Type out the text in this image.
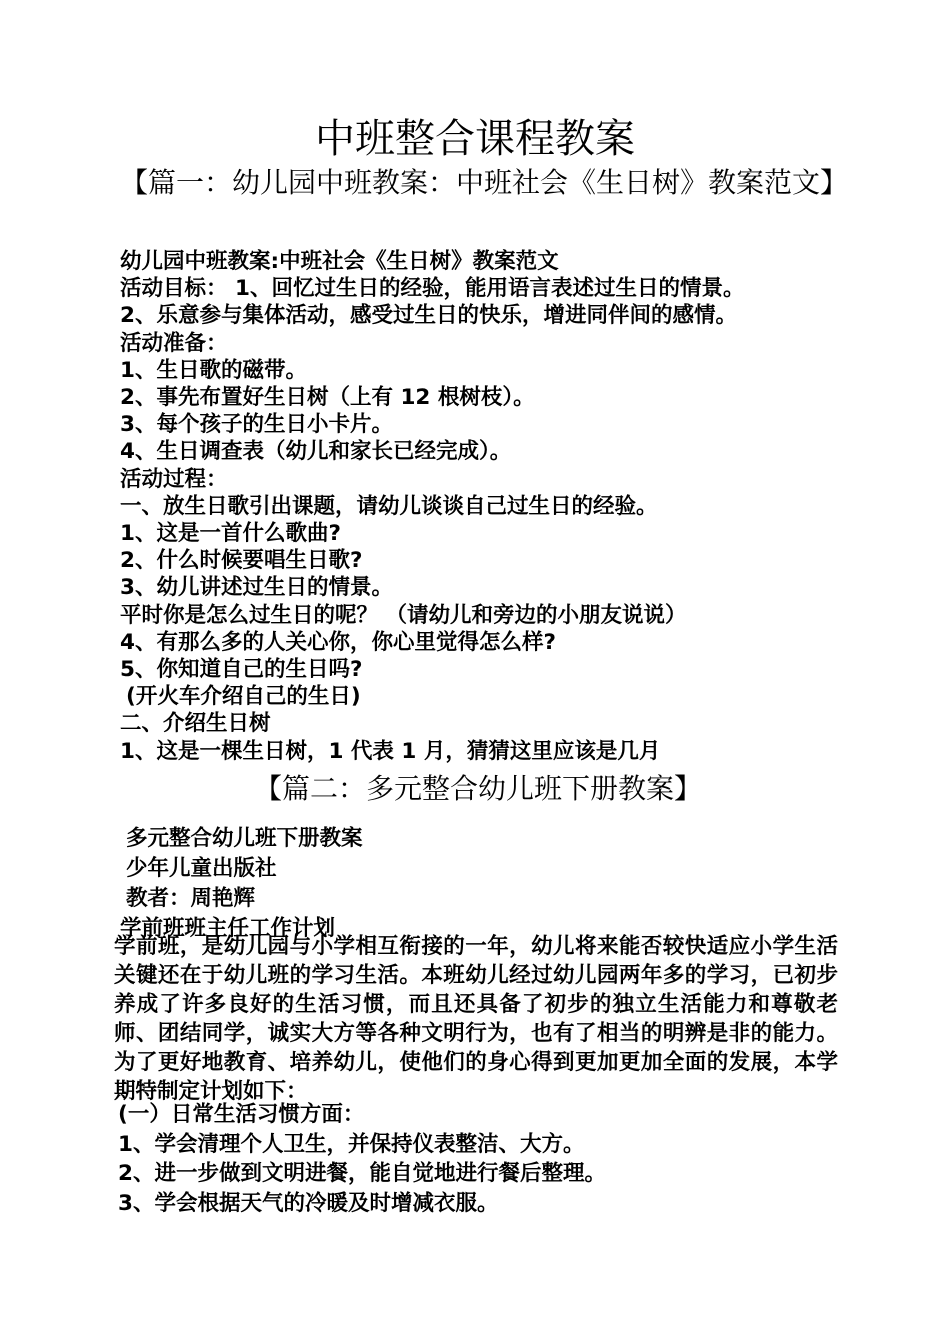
中班整合课程教案
【篇一：幼儿园中班教案：中班社会《生日树》教案范文】
幼儿园中班教案:中班社会《生日树》教案范文
活动目标： 1、回忆过生日的经验，能用语言表述过生日的情景。
2、乐意参与集体活动，感受过生日的快乐，增进同伴间的感情。
活动准备：
1、生日歌的磁带。
2、事先布置好生日树（上有 12 根树枝）。
3、每个孩子的生日小卡片。
4、生日调查表（幼儿和家长已经完成）。
活动过程：
一、放生日歌引出课题，请幼儿谈谈自己过生日的经验。
1、这是一首什么歌曲?
2、什么时候要唱生日歌?
3、幼儿讲述过生日的情景。
平时你是怎么过生日的呢？ （请幼儿和旁边的小朋友说说）
4、有那么多的人关心你，你心里觉得怎么样?
5、你知道自己的生日吗?
(开火车介绍自己的生日)
二、介绍生日树
1、这是一棵生日树，1 代表 1 月，猜猜这里应该是几月
【篇二：多元整合幼儿班下册教案】
多元整合幼儿班下册教案
少年儿童出版社
教者：周艳辉
学前班班主任工作计划

学前班，是幼儿园与小学相互衔接的一年，幼儿将来能否较快适应小学生活关键还在于幼儿班的学习生活。本班幼儿经过幼儿园两年多的学习，已初步养成了许多良好的生活习惯，而且还具备了初步的独立生活能力和尊敬老师、团结同学，诚实大方等各种文明行为，也有了相当的明辨是非的能力。为了更好地教育、培养幼儿，使他们的身心得到更加更加全面的发展，本学期特制定计划如下：

(一）日常生活习惯方面：
1、学会清理个人卫生，并保持仪表整洁、大方。
2、进一步做到文明进餐，能自觉地进行餐后整理。
3、学会根据天气的冷暖及时增减衣服。
